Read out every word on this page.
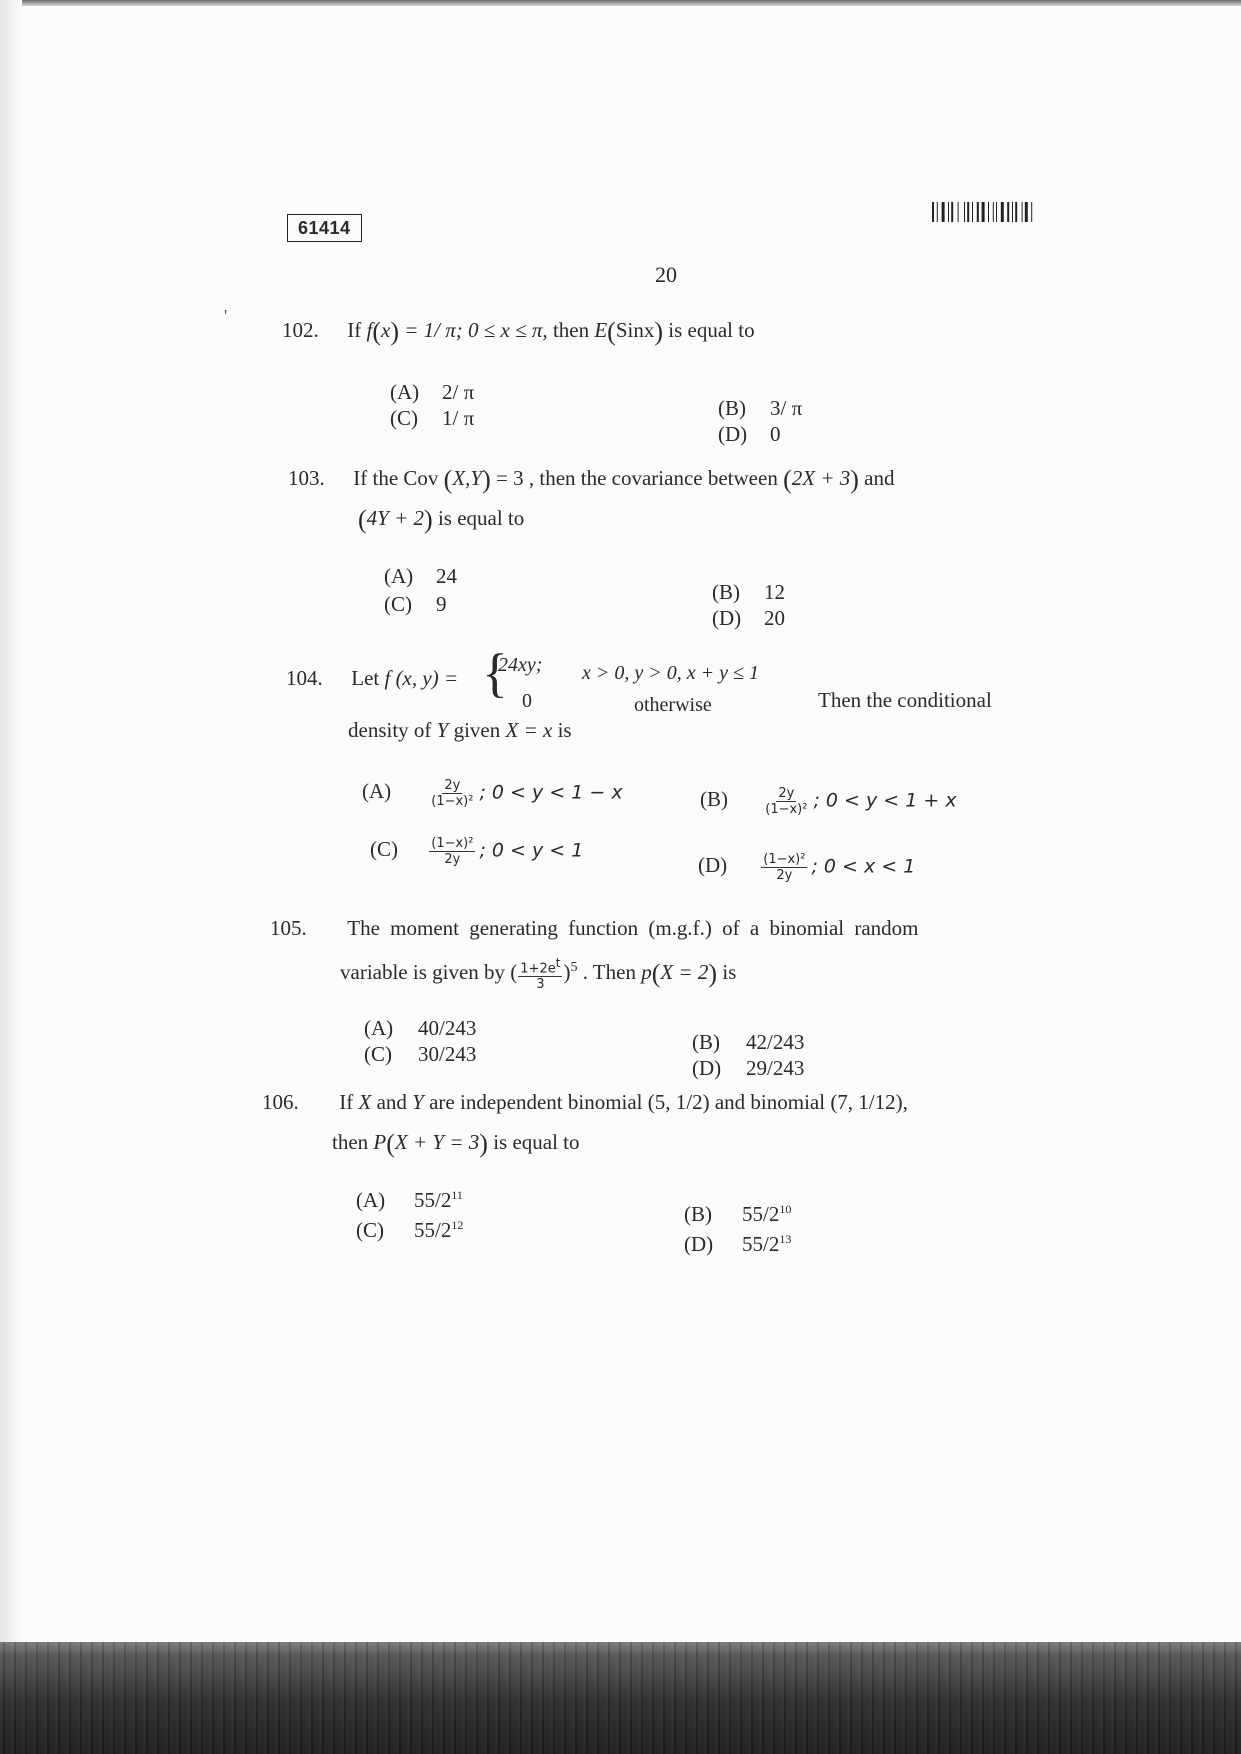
61414
20
'
102. If f(x) = 1/ π; 0 ≤ x ≤ π, then E(Sinx) is equal to
(A) 2/ π
(B) 3/ π
(C) 1/ π
(D) 0
103. If the Cov (X,Y) = 3 , then the covariance between (2X + 3) and
(4Y + 2) is equal to
(A) 24
(B) 12
(C) 9
(D) 20
104. Let f (x, y) = {
24xy; x > 0, y > 0, x + y ≤ 1
0	otherwise	Then the conditional
density of Y given X = x is
(A)	$\frac{2y}{\text{(1−x)²}}$ ; 0 < y < 1 − x	(B)	$\frac{2y}{\text{(1−x)²}}$ ; 0 < y < 1 + x
$(C) \frac{\text{(1−x)²}}{2y}$ ; 0 < y < 1
(D)	$\frac{\text{(1−x)²}}{2y}$ ; 0 < x < 1
105. The moment generating function (m.g.f.) of a binomial random
variable is given by ( $\frac{1+2e^t}{3} )^5$ . Then p(X = 2) is
(A) 40/243
(B) 42/243
(C) 30/243
(D) 29/243
106. If X and Y are independent binomial (5, 1/2) and binomial (7, 1/12),
then P(X + Y = 3) is equal to
(A) $55/2^{11}$
(B) $55/2^{10}$
(C) $55/2^{12}$
(D) $55/2^{13}$
